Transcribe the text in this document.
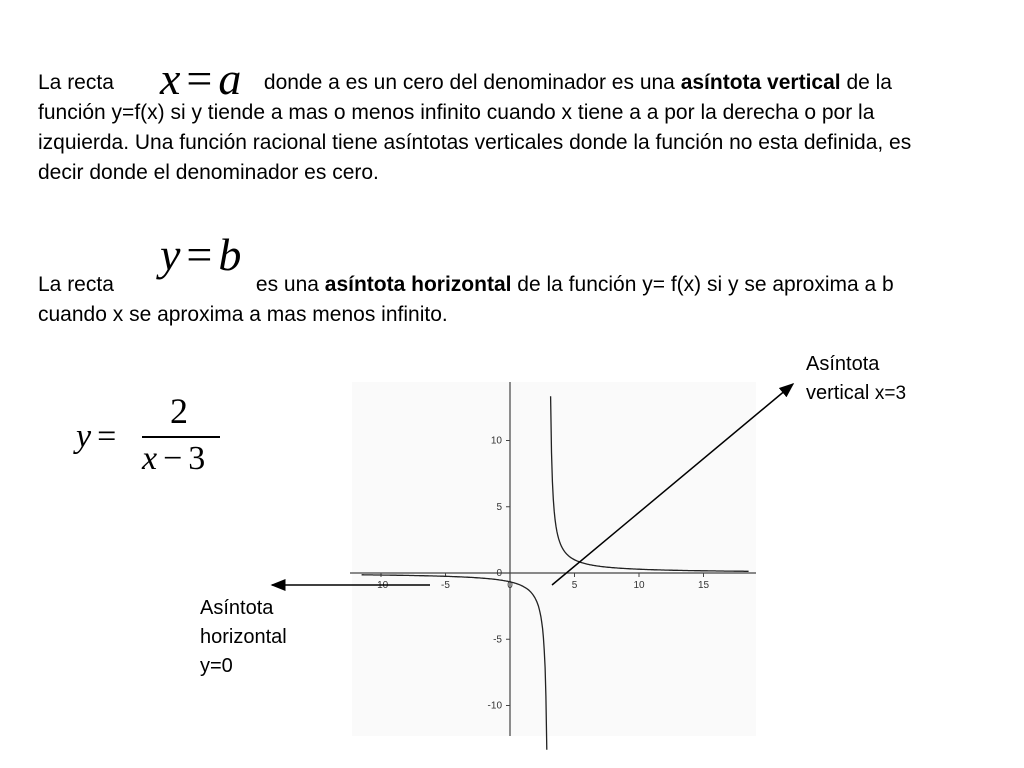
La recta	donde a es un cero del denominador es una asíntota vertical de la función y=f(x) si y tiende a mas o menos infinito cuando x tiene a a por la derecha o por la izquierda. Una función racional tiene asíntotas verticales donde la función no esta definida, es decir donde el denominador es cero.
x = a
La recta	es una asíntota horizontal de la función y= f(x) si y se aproxima a b cuando x se aproxima a mas menos infinito.
y = b
y =
2
x − 3
Asíntota
vertical x=3
Asíntota
horizontal
y=0
-10	-5	0	5	10	15
10
5
0
-5
-10
